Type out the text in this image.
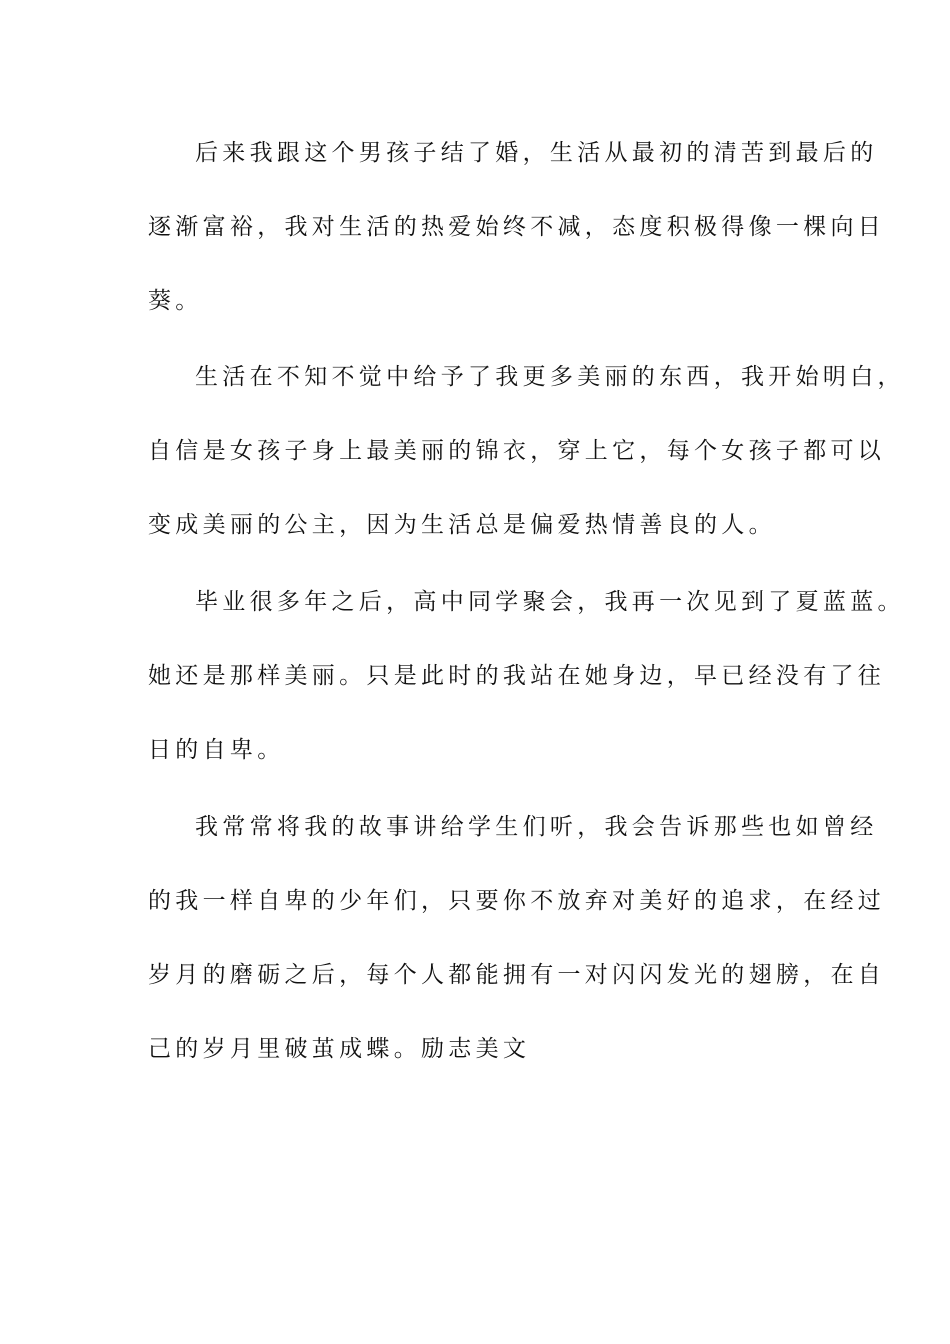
后来我跟这个男孩子结了婚，生活从最初的清苦到最后的
逐渐富裕，我对生活的热爱始终不减，态度积极得像一棵向日
葵。
生活在不知不觉中给予了我更多美丽的东西，我开始明白，
自信是女孩子身上最美丽的锦衣，穿上它，每个女孩子都可以
变成美丽的公主，因为生活总是偏爱热情善良的人。
毕业很多年之后，高中同学聚会，我再一次见到了夏蓝蓝。
她还是那样美丽。只是此时的我站在她身边，早已经没有了往
日的自卑。
我常常将我的故事讲给学生们听，我会告诉那些也如曾经
的我一样自卑的少年们，只要你不放弃对美好的追求，在经过
岁月的磨砺之后，每个人都能拥有一对闪闪发光的翅膀，在自
己的岁月里破茧成蝶。励志美文
